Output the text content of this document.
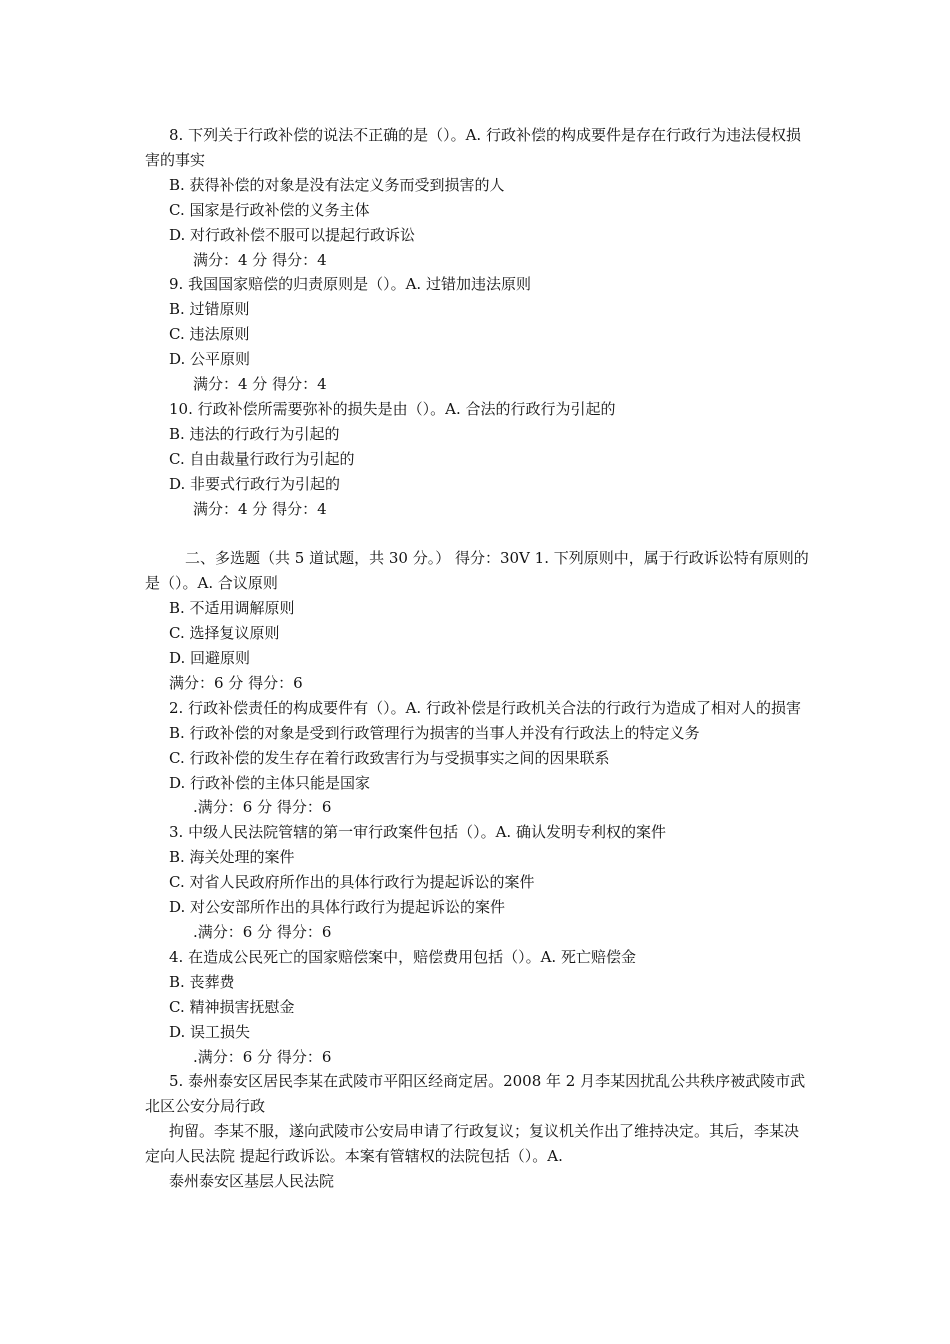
8. 下列关于行政补偿的说法不正确的是（）。A. 行政补偿的构成要件是存在行政行为违法侵权损害的事实

B. 获得补偿的对象是没有法定义务而受到损害的人

C. 国家是行政补偿的义务主体

D. 对行政补偿不服可以提起行政诉讼

满分：4 分 得分：4

9. 我国国家赔偿的归责原则是（）。A. 过错加违法原则

B. 过错原则

C. 违法原则

D. 公平原则

满分：4 分 得分：4

10. 行政补偿所需要弥补的损失是由（）。A. 合法的行政行为引起的

B. 违法的行政行为引起的

C. 自由裁量行政行为引起的

D. 非要式行政行为引起的

满分：4 分 得分：4

二、多选题（共 5 道试题，共 30 分。） 得分：30V 1. 下列原则中，属于行政诉讼特有原则的是（）。A. 合议原则

B. 不适用调解原则

C. 选择复议原则

D. 回避原则

满分：6 分 得分：6

2. 行政补偿责任的构成要件有（）。A. 行政补偿是行政机关合法的行政行为造成了相对人的损害

B. 行政补偿的对象是受到行政管理行为损害的当事人并没有行政法上的特定义务

C. 行政补偿的发生存在着行政致害行为与受损事实之间的因果联系

D. 行政补偿的主体只能是国家

.满分：6 分 得分：6

3. 中级人民法院管辖的第一审行政案件包括（）。A. 确认发明专利权的案件

B. 海关处理的案件

C. 对省人民政府所作出的具体行政行为提起诉讼的案件

D. 对公安部所作出的具体行政行为提起诉讼的案件

.满分：6 分 得分：6

4. 在造成公民死亡的国家赔偿案中，赔偿费用包括（）。A. 死亡赔偿金

B. 丧葬费

C. 精神损害抚慰金

D. 误工损失

.满分：6 分 得分：6

5. 泰州泰安区居民李某在武陵市平阳区经商定居。2008 年 2 月李某因扰乱公共秩序被武陵市武北区公安分局行政

拘留。李某不服，遂向武陵市公安局申请了行政复议；复议机关作出了维持决定。其后，李某决定向人民法院 提起行政诉讼。本案有管辖权的法院包括（）。A.

泰州泰安区基层人民法院
